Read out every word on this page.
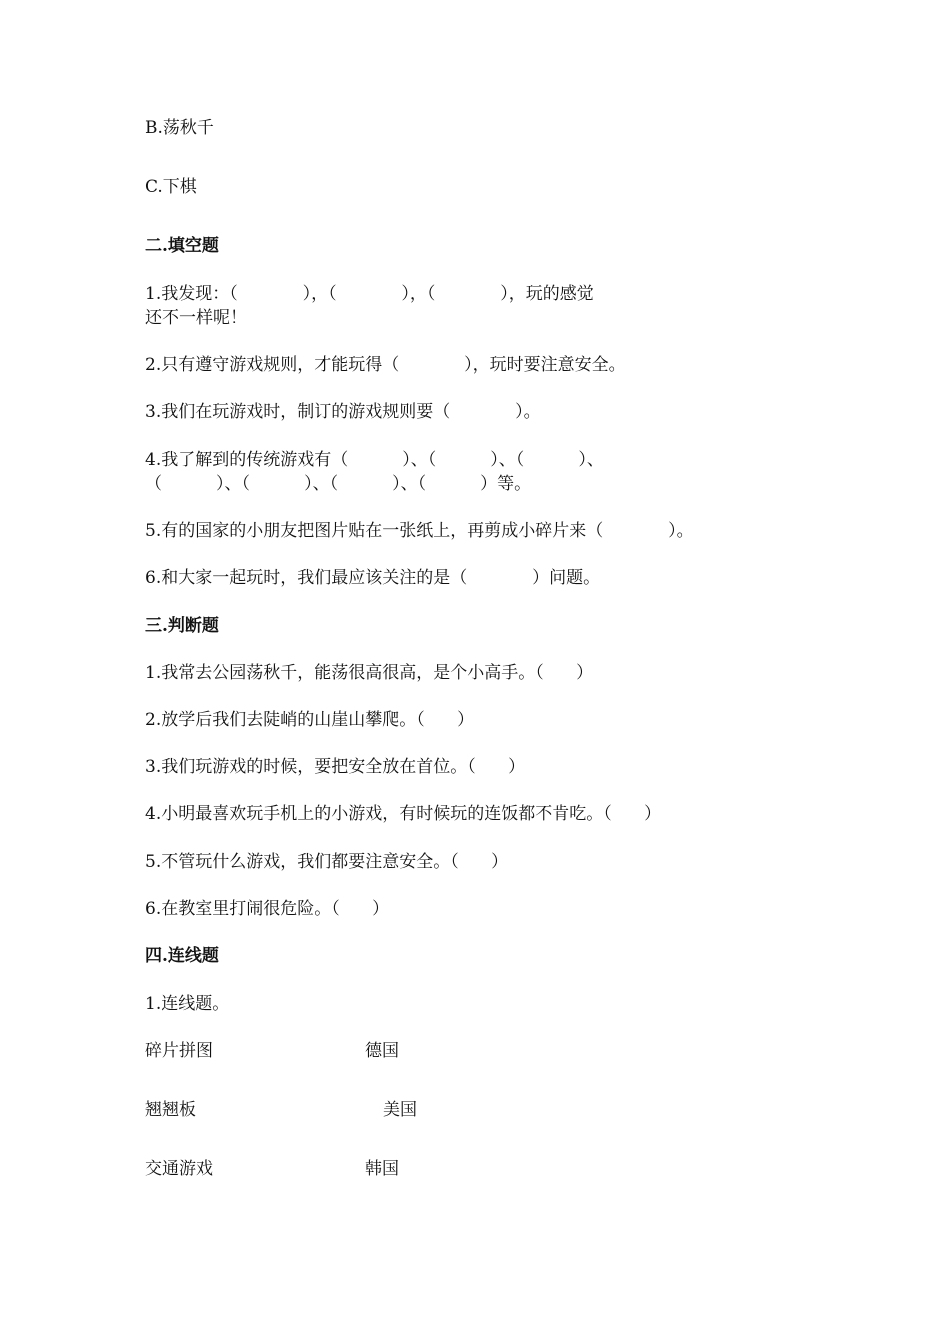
B.荡秋千
C.下棋
二.填空题
1.我发现：（            ），（            ），（            ），玩的感觉
还不一样呢！
2.只有遵守游戏规则，才能玩得（            ），玩时要注意安全。
3.我们在玩游戏时，制订的游戏规则要（            ）。
4.我了解到的传统游戏有（          ）、（          ）、（          ）、
（          ）、（          ）、（          ）、（          ）等。
5.有的国家的小朋友把图片贴在一张纸上，再剪成小碎片来（            ）。
6.和大家一起玩时，我们最应该关注的是（            ）问题。
三.判断题
1.我常去公园荡秋千，能荡很高很高，是个小高手。（      ）
2.放学后我们去陡峭的山崖山攀爬。（      ）
3.我们玩游戏的时候，要把安全放在首位。（      ）
4.小明最喜欢玩手机上的小游戏，有时候玩的连饭都不肯吃。（      ）
5.不管玩什么游戏，我们都要注意安全。（      ）
6.在教室里打闹很危险。（      ）
四.连线题
1.连线题。
碎片拼图	德国
翘翘板	美国
交通游戏	韩国
